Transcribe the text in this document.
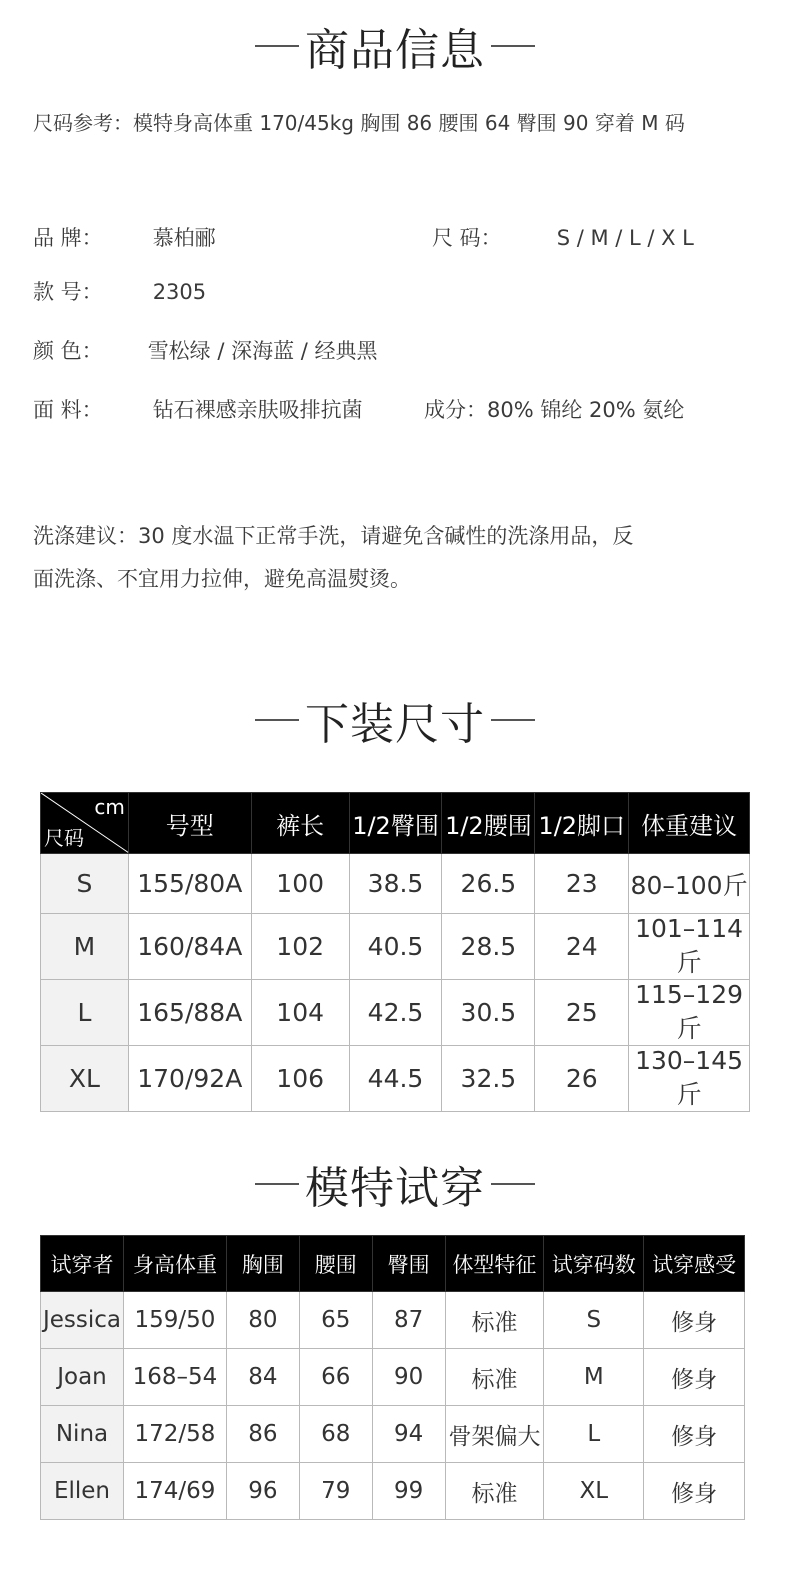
商品信息
尺码参考：模特身高体重 170/45kg 胸围 86 腰围 64 臀围 90 穿着 M 码
品 牌： 慕柏郦	尺 码：	S / M / L / X L
款 号： 2305
颜 色： 雪松绿 / 深海蓝 / 经典黑
面 料： 钻石裸感亲肤吸排抗菌	成分：80% 锦纶 20% 氨纶
洗涤建议：30 度水温下正常手洗，请避免含碱性的洗涤用品，反
面洗涤、不宜用力拉伸，避免高温熨烫。
下装尺寸
cm
尺码	号型	裤长	1/2臀围	1/2腰围	1/2脚口	体重建议
S	155/80A	100	38.5	26.5	23	80–100斤
M	160/84A	102	40.5	28.5	24	101–114斤
L	165/88A	104	42.5	30.5	25	115–129斤
XL	170/92A	106	44.5	32.5	26	130–145斤
模特试穿
试穿者	身高体重	胸围	腰围	臀围	体型特征	试穿码数	试穿感受
Jessica	159/50	80	65	87	标准	S	修身
Joan	168–54	84	66	90	标准	M	修身
Nina	172/58	86	68	94	骨架偏大	L	修身
Ellen	174/69	96	79	99	标准	XL	修身
